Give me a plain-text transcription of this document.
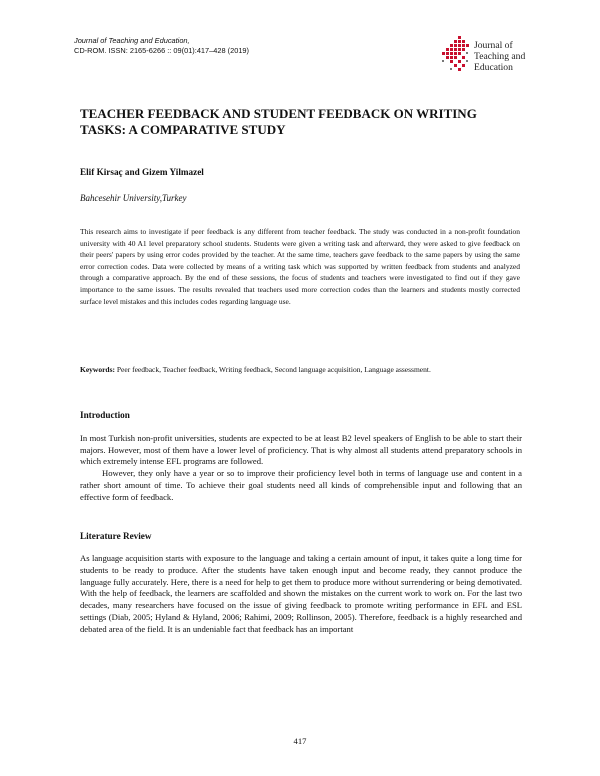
Journal of Teaching and Education,
CD-ROM. ISSN: 2165-6266 :: 09(01):417–428 (2019)	Journal of
Teaching and
Education
TEACHER FEEDBACK AND STUDENT FEEDBACK ON WRITING
TASKS: A COMPARATIVE STUDY
Elif Kirsaç and Gizem Yilmazel
Bahcesehir University,Turkey
This research aims to investigate if peer feedback is any different from teacher feedback. The study was conducted in a non-profit foundation university with 40 A1 level preparatory school students. Students were given a writing task and afterward, they were asked to give feedback on their peers' papers by using error codes provided by the teacher. At the same time, teachers gave feedback to the same papers by using the same error correction codes. Data were collected by means of a writing task which was supported by written feedback from students and analyzed through a comparative approach. By the end of these sessions, the focus of students and teachers were investigated to find out if they gave importance to the same issues. The results revealed that teachers used more correction codes than the learners and students mostly corrected surface level mistakes and this includes codes regarding language use.
Keywords: Peer feedback, Teacher feedback, Writing feedback, Second language acquisition, Language assessment.
Introduction

In most Turkish non-profit universities, students are expected to be at least B2 level speakers of English to be able to start their majors. However, most of them have a lower level of proficiency. That is why almost all students attend preparatory schools in which extremely intense EFL programs are followed.

However, they only have a year or so to improve their proficiency level both in terms of language use and content in a rather short amount of time. To achieve their goal students need all kinds of comprehensible input and following that an effective form of feedback.

Literature Review

As language acquisition starts with exposure to the language and taking a certain amount of input, it takes quite a long time for students to be ready to produce. After the students have taken enough input and become ready, they cannot produce the language fully accurately. Here, there is a need for help to get them to produce more without surrendering or being demotivated. With the help of feedback, the learners are scaffolded and shown the mistakes on the current work to work on. For the last two decades, many researchers have focused on the issue of giving feedback to promote writing performance in EFL and ESL settings (Diab, 2005; Hyland & Hyland, 2006; Rahimi, 2009; Rollinson, 2005). Therefore, feedback is a highly researched and debated area of the field. It is an undeniable fact that feedback has an important

417
